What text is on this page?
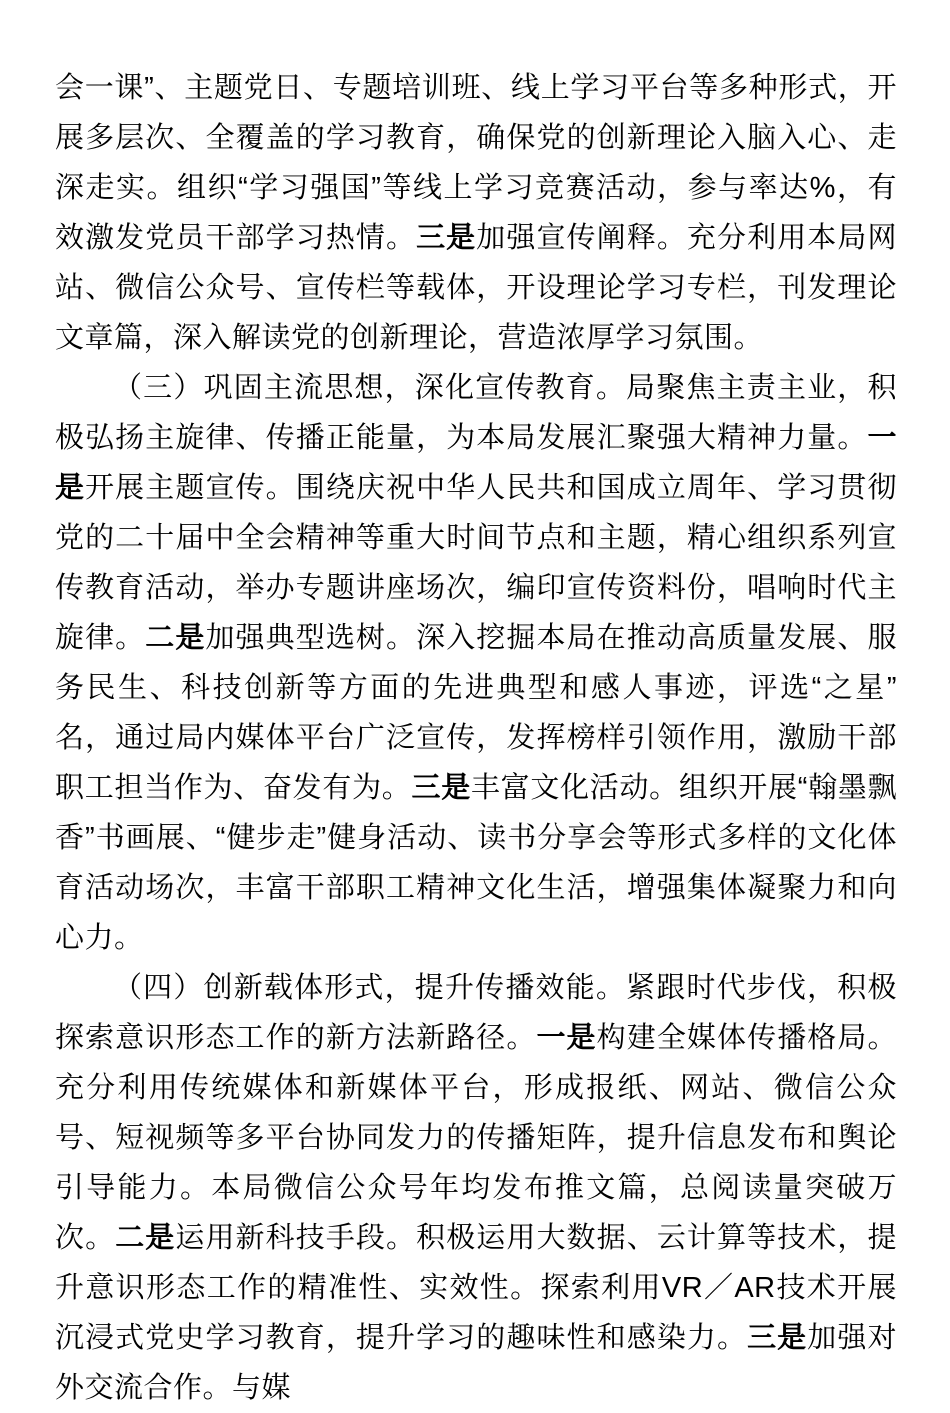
会一课”、主题党日、专题培训班、线上学习平台等多种形式，开展多层次、全覆盖的学习教育，确保党的创新理论入脑入心、走深走实。组织“学习强国”等线上学习竞赛活动，参与率达%，有效激发党员干部学习热情。三是加强宣传阐释。充分利用本局网站、微信公众号、宣传栏等载体，开设理论学习专栏，刊发理论文章篇，深入解读党的创新理论，营造浓厚学习氛围。

（三）巩固主流思想，深化宣传教育。局聚焦主责主业，积极弘扬主旋律、传播正能量，为本局发展汇聚强大精神力量。一是开展主题宣传。围绕庆祝中华人民共和国成立周年、学习贯彻党的二十届中全会精神等重大时间节点和主题，精心组织系列宣传教育活动，举办专题讲座场次，编印宣传资料份，唱响时代主旋律。二是加强典型选树。深入挖掘本局在推动高质量发展、服务民生、科技创新等方面的先进典型和感人事迹，评选“之星”名，通过局内媒体平台广泛宣传，发挥榜样引领作用，激励干部职工担当作为、奋发有为。三是丰富文化活动。组织开展“翰墨飘香”书画展、“健步走”健身活动、读书分享会等形式多样的文化体育活动场次，丰富干部职工精神文化生活，增强集体凝聚力和向心力。

（四）创新载体形式，提升传播效能。紧跟时代步伐，积极探索意识形态工作的新方法新路径。一是构建全媒体传播格局。充分利用传统媒体和新媒体平台，形成报纸、网站、微信公众号、短视频等多平台协同发力的传播矩阵，提升信息发布和舆论引导能力。本局微信公众号年均发布推文篇，总阅读量突破万次。二是运用新科技手段。积极运用大数据、云计算等技术，提升意识形态工作的精准性、实效性。探索利用VR／AR技术开展沉浸式党史学习教育，提升学习的趣味性和感染力。三是加强对外交流合作。与媒
